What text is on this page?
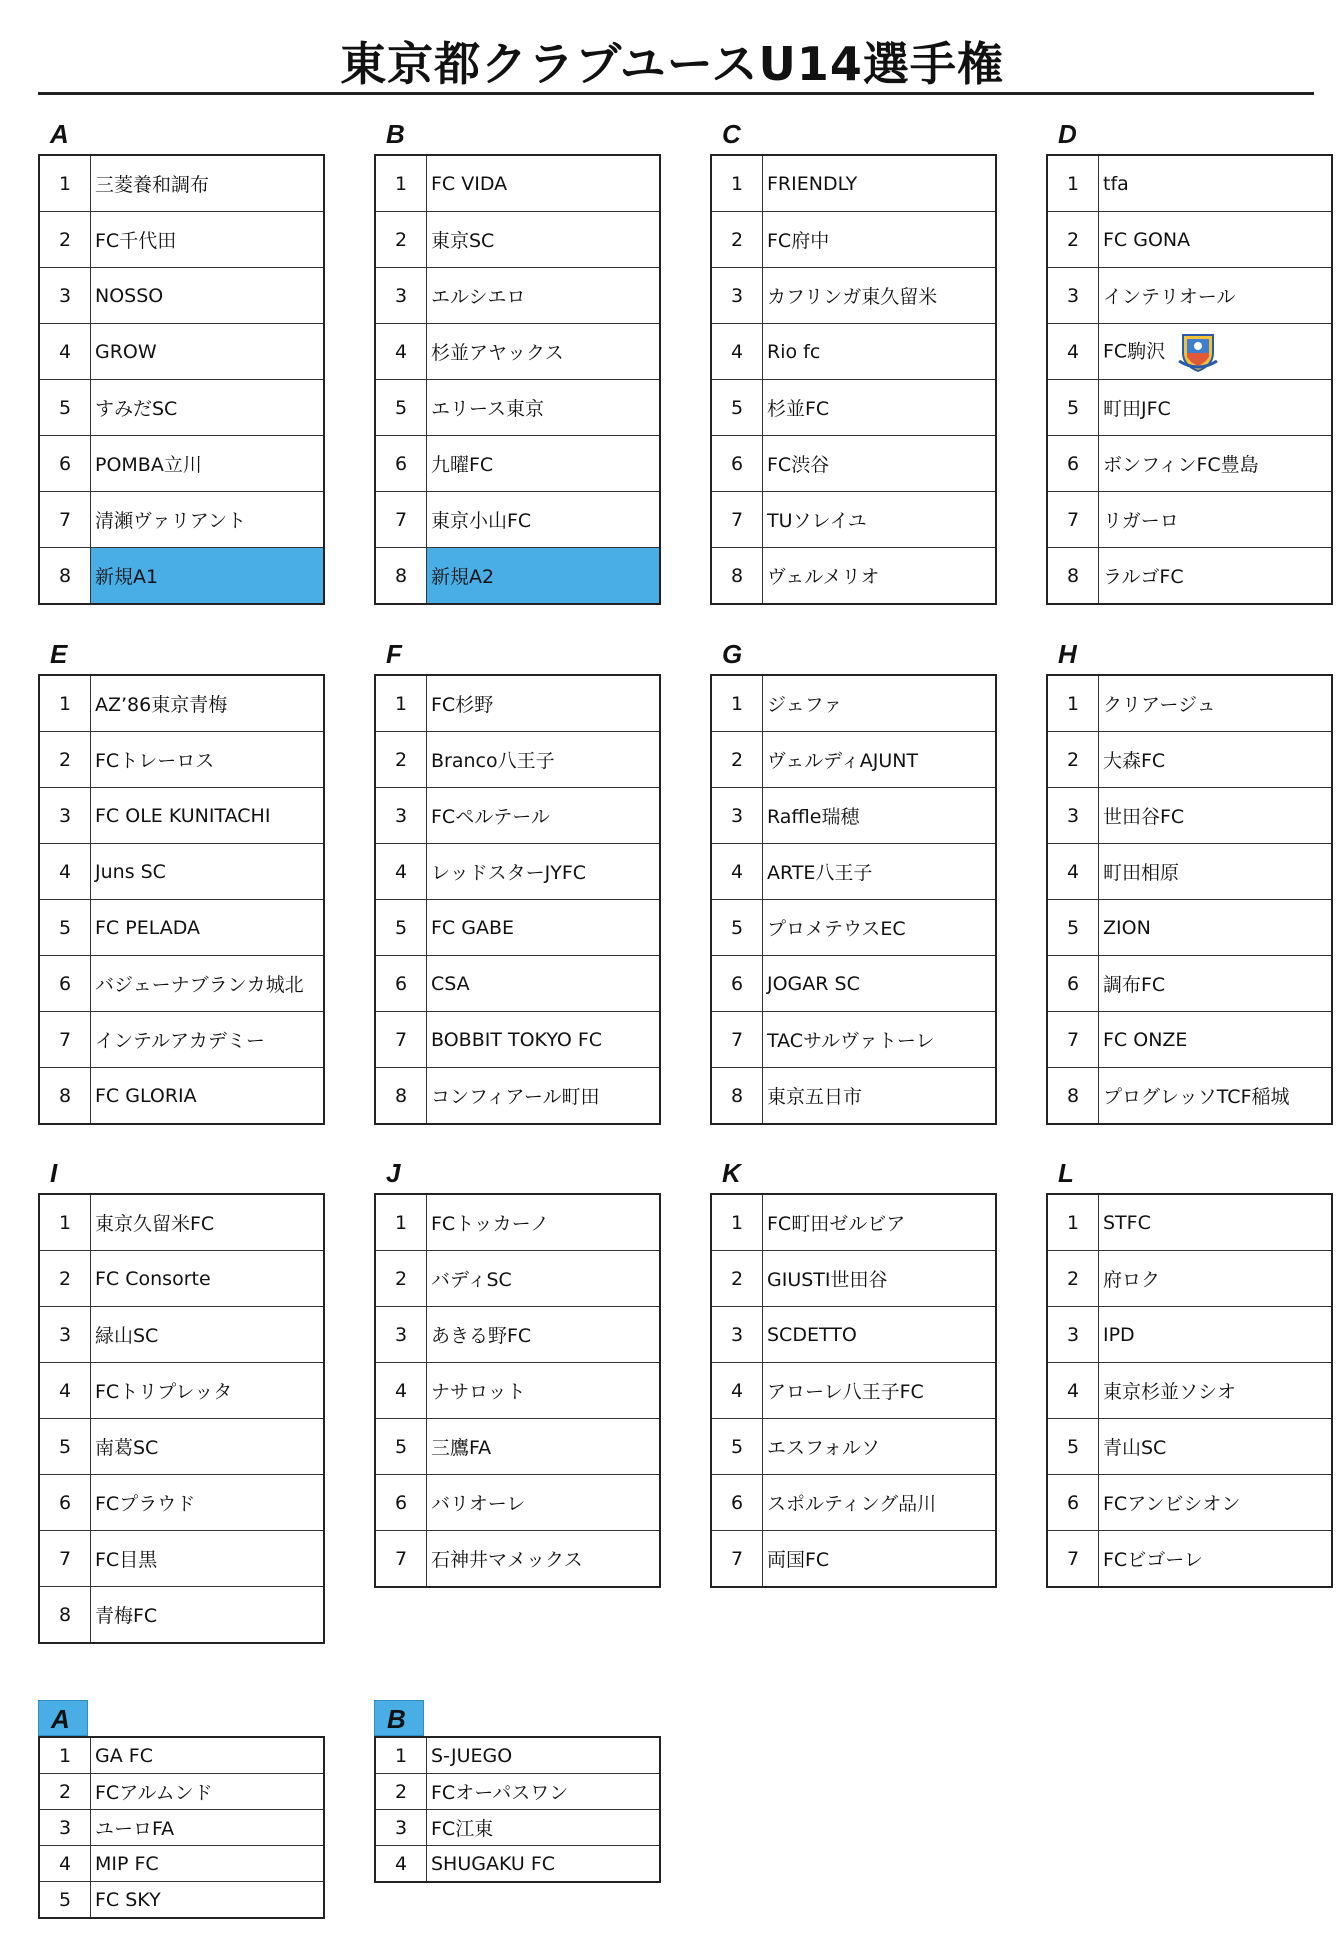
東京都クラブユースU14選手権
A
1	三菱養和調布
2	FC千代田
3	NOSSO
4	GROW
5	すみだSC
6	POMBA立川
7	清瀬ヴァリアント
8	新規A1
B
1	FC VIDA
2	東京SC
3	エルシエロ
4	杉並アヤックス
5	エリース東京
6	九曜FC
7	東京小山FC
8	新規A2
C
1	FRIENDLY
2	FC府中
3	カフリンガ東久留米
4	Rio fc
5	杉並FC
6	FC渋谷
7	TUソレイユ
8	ヴェルメリオ
D
1	tfa
2	FC GONA
3	インテリオール
4	FC駒沢
5	町田JFC
6	ボンフィンFC豊島
7	リガーロ
8	ラルゴFC
E
1	AZ’86東京青梅
2	FCトレーロス
3	FC OLE KUNITACHI
4	Juns SC
5	FC PELADA
6	バジェーナブランカ城北
7	インテルアカデミー
8	FC GLORIA
F
1	FC杉野
2	Branco八王子
3	FCペルテール
4	レッドスターJYFC
5	FC GABE
6	CSA
7	BOBBIT TOKYO FC
8	コンフィアール町田
G
1	ジェファ
2	ヴェルディAJUNT
3	Raffle瑞穂
4	ARTE八王子
5	プロメテウスEC
6	JOGAR SC
7	TACサルヴァトーレ
8	東京五日市
H
1	クリアージュ
2	大森FC
3	世田谷FC
4	町田相原
5	ZION
6	調布FC
7	FC ONZE
8	プログレッソTCF稲城
I
1	東京久留米FC
2	FC Consorte
3	緑山SC
4	FCトリプレッタ
5	南葛SC
6	FCプラウド
7	FC目黒
8	青梅FC
J
1	FCトッカーノ
2	バディSC
3	あきる野FC
4	ナサロット
5	三鷹FA
6	バリオーレ
7	石神井マメックス
K
1	FC町田ゼルビア
2	GIUSTI世田谷
3	SCDETTO
4	アローレ八王子FC
5	エスフォルソ
6	スポルティング品川
7	両国FC
L
1	STFC
2	府ロク
3	IPD
4	東京杉並ソシオ
5	青山SC
6	FCアンビシオン
7	FCビゴーレ
A
1	GA FC
2	FCアルムンド
3	ユーロFA
4	MIP FC
5	FC SKY
B
1	S-JUEGO
2	FCオーパスワン
3	FC江東
4	SHUGAKU FC
